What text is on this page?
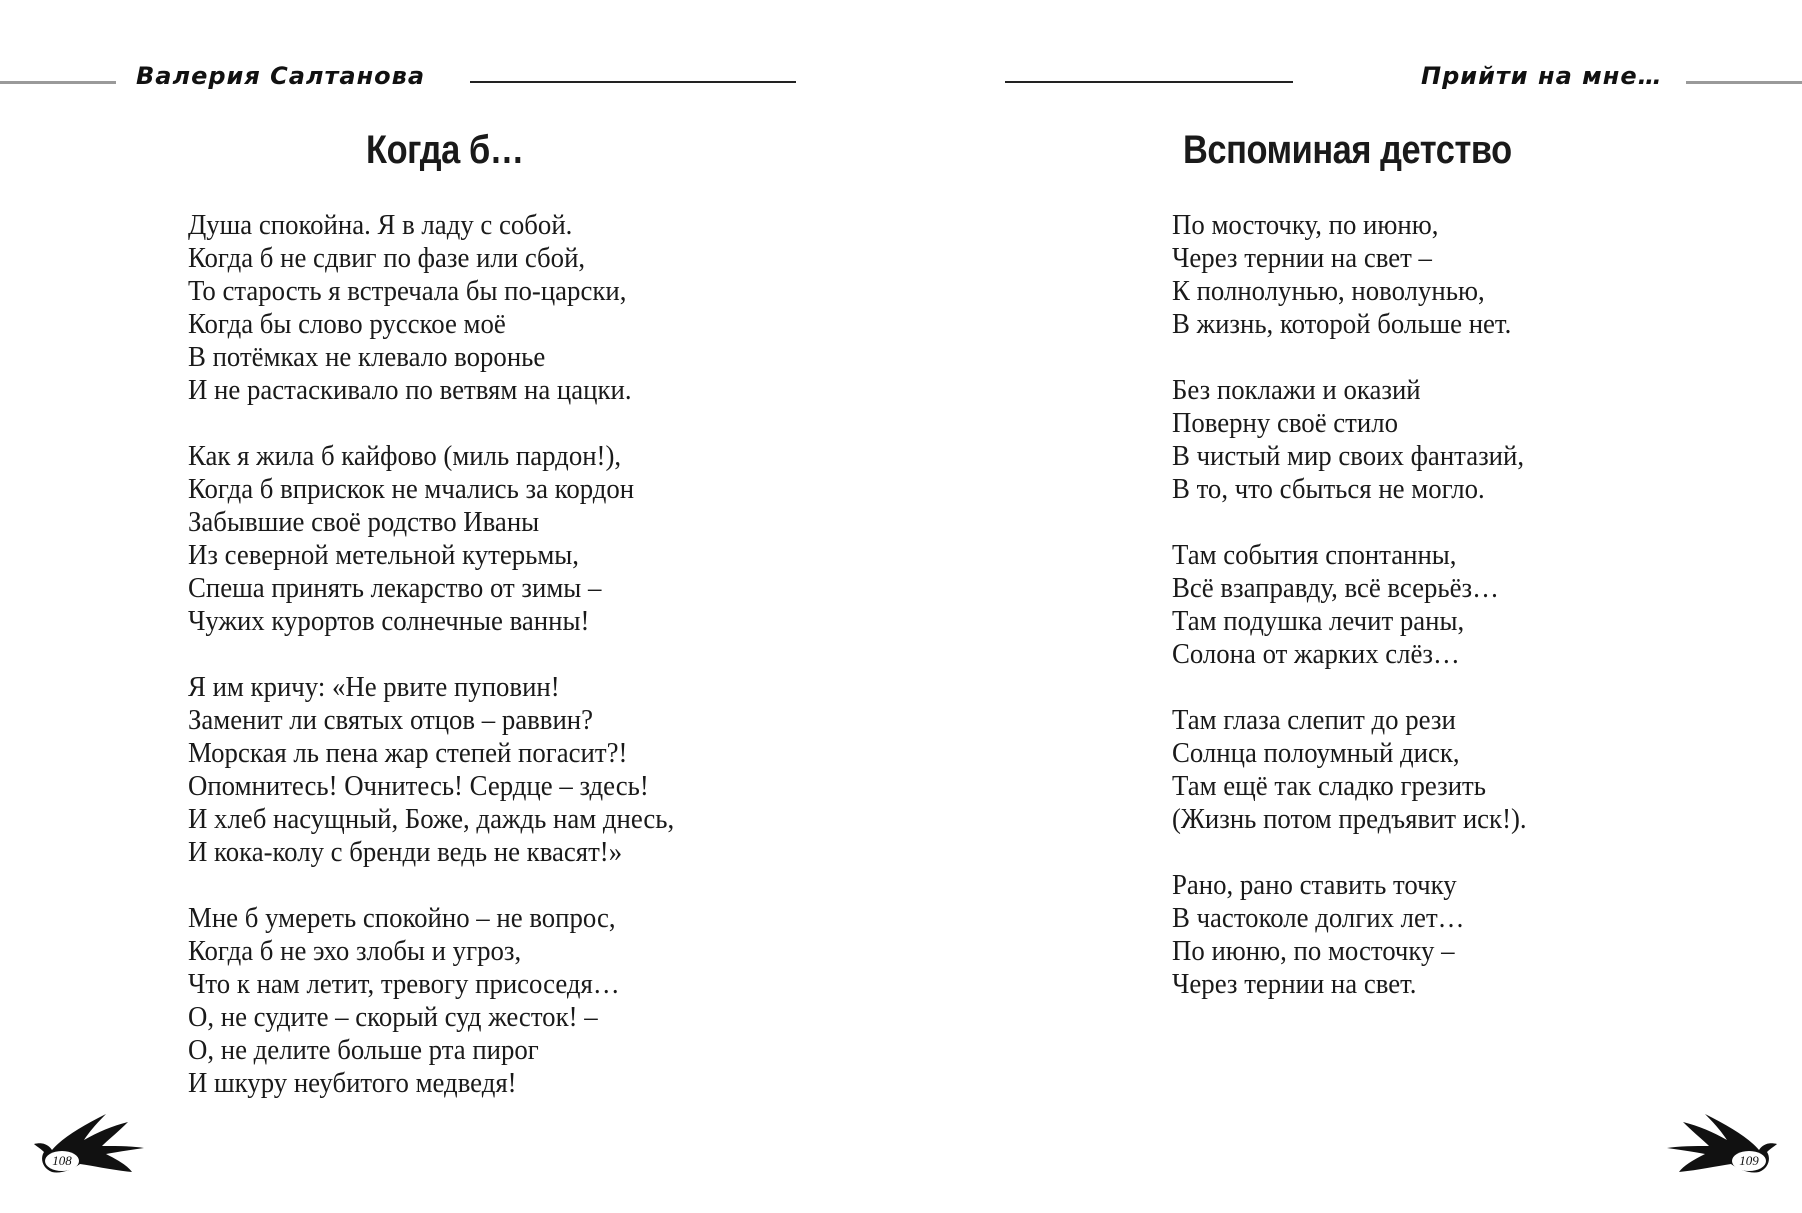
Валерия Салтанова
Когда б…
Душа спокойна. Я в ладу с собой.
Когда б не сдвиг по фазе или сбой,
То старость я встречала бы по-царски,
Когда бы слово русское моё
В потёмках не клевало воронье
И не растаскивало по ветвям на цацки.
Как я жила б кайфово (миль пардон!),
Когда б вприскок не мчались за кордон
Забывшие своё родство Иваны
Из северной метельной кутерьмы,
Спеша принять лекарство от зимы –
Чужих курортов солнечные ванны!
Я им кричу: «Не рвите пуповин!
Заменит ли святых отцов – раввин?
Морская ль пена жар степей погасит?!
Опомнитесь! Очнитесь! Сердце – здесь!
И хлеб насущный, Боже, даждь нам днесь,
И кока-колу с бренди ведь не квасят!»
Мне б умереть спокойно – не вопрос,
Когда б не эхо злобы и угроз,
Что к нам летит, тревогу присоседя…
О, не судите – скорый суд жесток! –
О, не делите больше рта пирог
И шкуру неубитого медведя!
108
Прийти на мне…
Вспоминая детство
По мосточку, по июню,
Через тернии на свет –
К полнолунью, новолунью,
В жизнь, которой больше нет.
Без поклажи и оказий
Поверну своё стило
В чистый мир своих фантазий,
В то, что сбыться не могло.
Там события спонтанны,
Всё взаправду, всё всерьёз…
Там подушка лечит раны,
Солона от жарких слёз…
Там глаза слепит до рези
Солнца полоумный диск,
Там ещё так сладко грезить
(Жизнь потом предъявит иск!).
Рано, рано ставить точку
В частоколе долгих лет…
По июню, по мосточку –
Через тернии на свет.
109
